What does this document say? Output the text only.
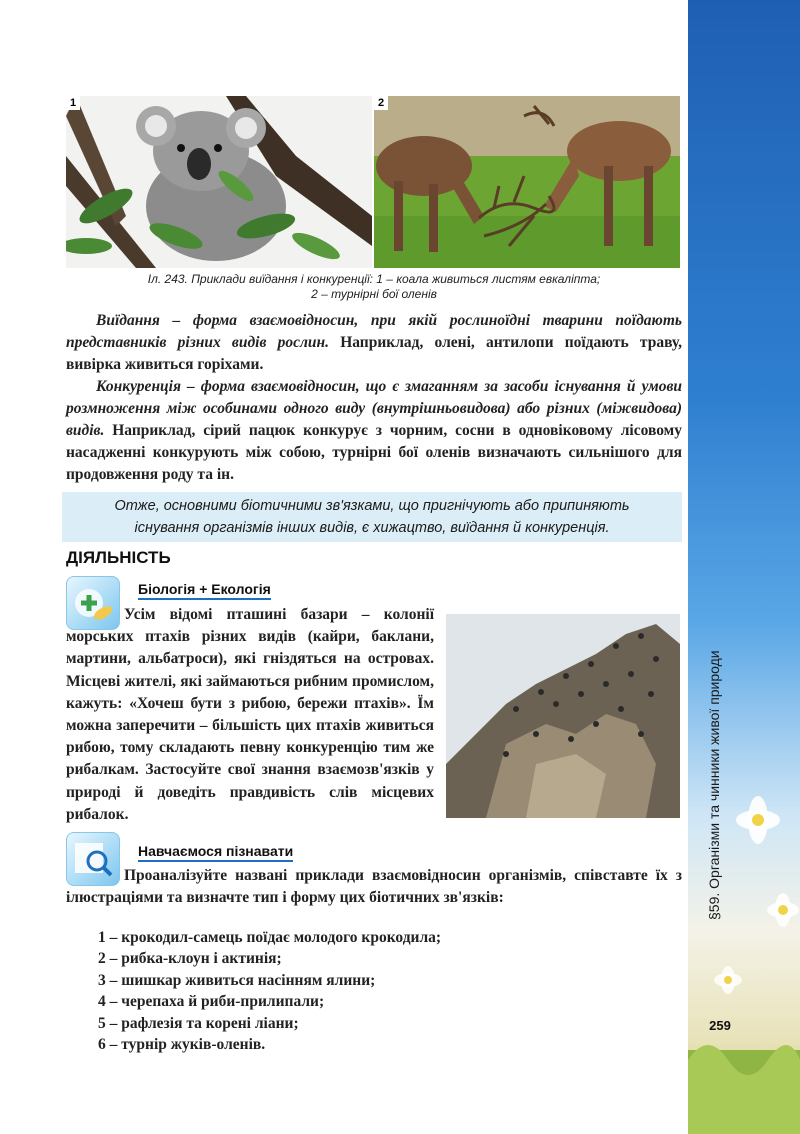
§59. Організми та чинники живої природи
259
1	2
Іл. 243. Приклади виїдання і конкуренції: 1 – коала живиться листям евкаліпта;
2 – турнірні бої оленів
Виїдання – форма взаємовідносин, при якій рослиноїдні тварини поїдають представників різних видів рослин. Наприклад, олені, антилопи поїдають траву, вивірка живиться горіхами.
Конкуренція – форма взаємовідносин, що є змаганням за засоби існування й умови розмноження між особинами одного виду (внутрішньовидова) або різних (міжвидова) видів. Наприклад, сірий пацюк конкурує з чорним, сосни в одновіковому лісовому насадженні конкурують між собою, турнірні бої оленів визначають сильнішого для продовження роду та ін.
Отже, основними біотичними зв'язками, що пригнічують або припиняють
існування організмів інших видів, є хижацтво, виїдання й конкуренція.
ДІЯЛЬНІСТЬ
Біологія + Екологія
Усім відомі пташині базари – колонії морських птахів різних видів (кайри, баклани, мартини, альбатроси), які гніздяться на островах. Місцеві жителі, які займаються рибним промислом, кажуть: «Хочеш бути з рибою, бережи птахів». Їм можна заперечити – більшість цих птахів живиться рибою, тому складають певну конкуренцію тим же рибалкам. Застосуйте свої знання взаємозв'язків у природі й доведіть правдивість слів місцевих рибалок.
Навчаємося пізнавати
Проаналізуйте названі приклади взаємовідносин організмів, співставте їх з ілюстраціями та визначте тип і форму цих біотичних зв'язків:
1 – крокодил-самець поїдає молодого крокодила;
2 – рибка-клоун і актинія;
3 – шишкар живиться насінням ялини;
4 – черепаха й риби-прилипали;
5 – рафлезія та корені ліани;
6 – турнір жуків-оленів.
